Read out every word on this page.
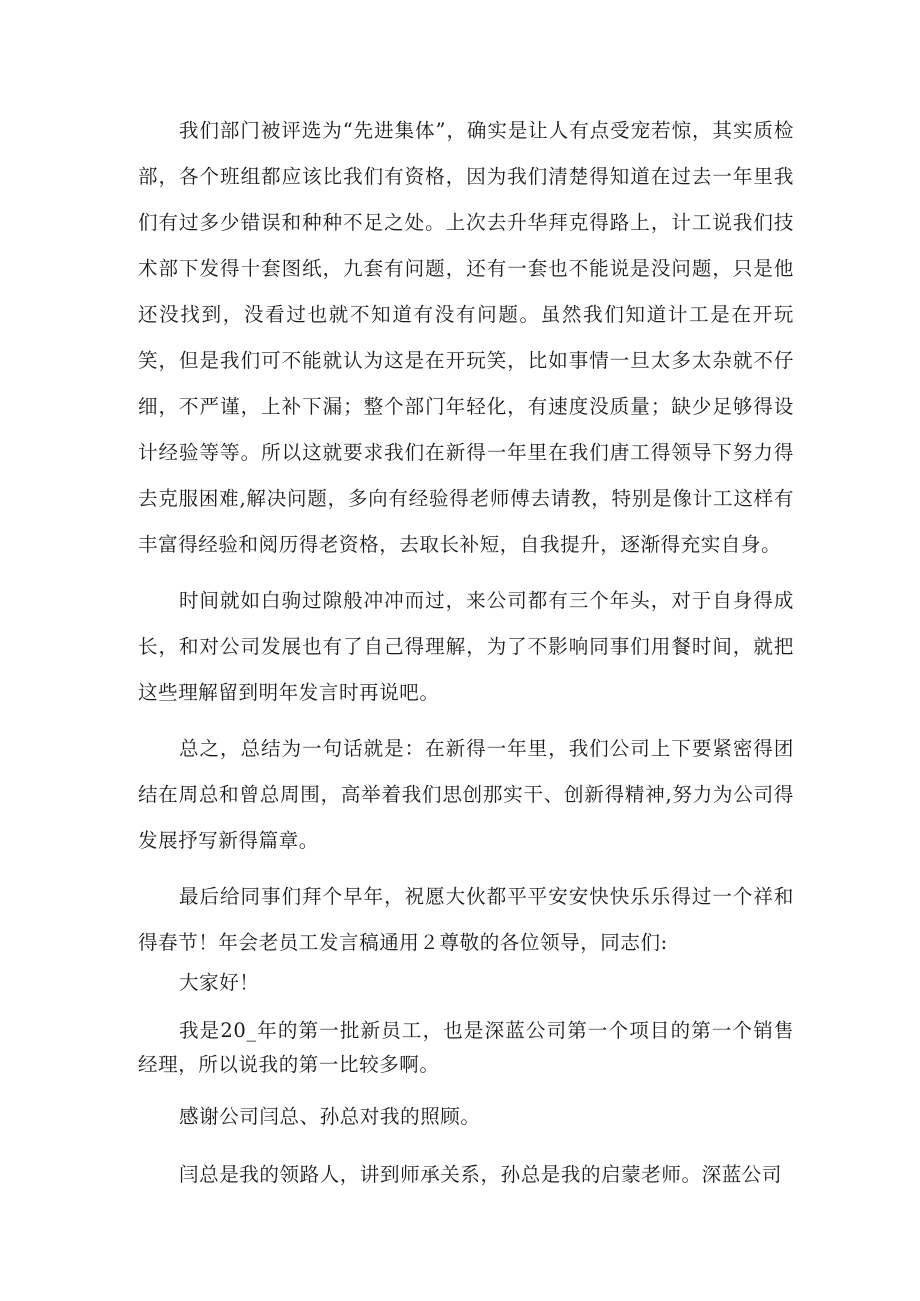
我们部门被评选为“先进集体”，确实是让人有点受宠若惊，其实质检部，各个班组都应该比我们有资格，因为我们清楚得知道在过去一年里我们有过多少错误和种种不足之处。上次去升华拜克得路上，计工说我们技术部下发得十套图纸，九套有问题，还有一套也不能说是没问题，只是他还没找到，没看过也就不知道有没有问题。虽然我们知道计工是在开玩笑，但是我们可不能就认为这是在开玩笑，比如事情一旦太多太杂就不仔细，不严谨，上补下漏；整个部门年轻化，有速度没质量；缺少足够得设计经验等等。所以这就要求我们在新得一年里在我们唐工得领导下努力得去克服困难,解决问题，多向有经验得老师傅去请教，特别是像计工这样有丰富得经验和阅历得老资格，去取长补短，自我提升，逐渐得充实自身。

时间就如白驹过隙般冲冲而过，来公司都有三个年头，对于自身得成长，和对公司发展也有了自己得理解，为了不影响同事们用餐时间，就把这些理解留到明年发言时再说吧。

总之，总结为一句话就是：在新得一年里，我们公司上下要紧密得团结在周总和曾总周围，高举着我们思创那实干、创新得精神,努力为公司得发展抒写新得篇章。

最后给同事们拜个早年，祝愿大伙都平平安安快快乐乐得过一个祥和得春节！年会老员工发言稿通用２尊敬的各位领导，同志们:

大家好！

我是20_年的第一批新员工，也是深蓝公司第一个项目的第一个销售经理，所以说我的第一比较多啊。

感谢公司闫总、孙总对我的照顾。

闫总是我的领路人，讲到师承关系，孙总是我的启蒙老师。深蓝公司
